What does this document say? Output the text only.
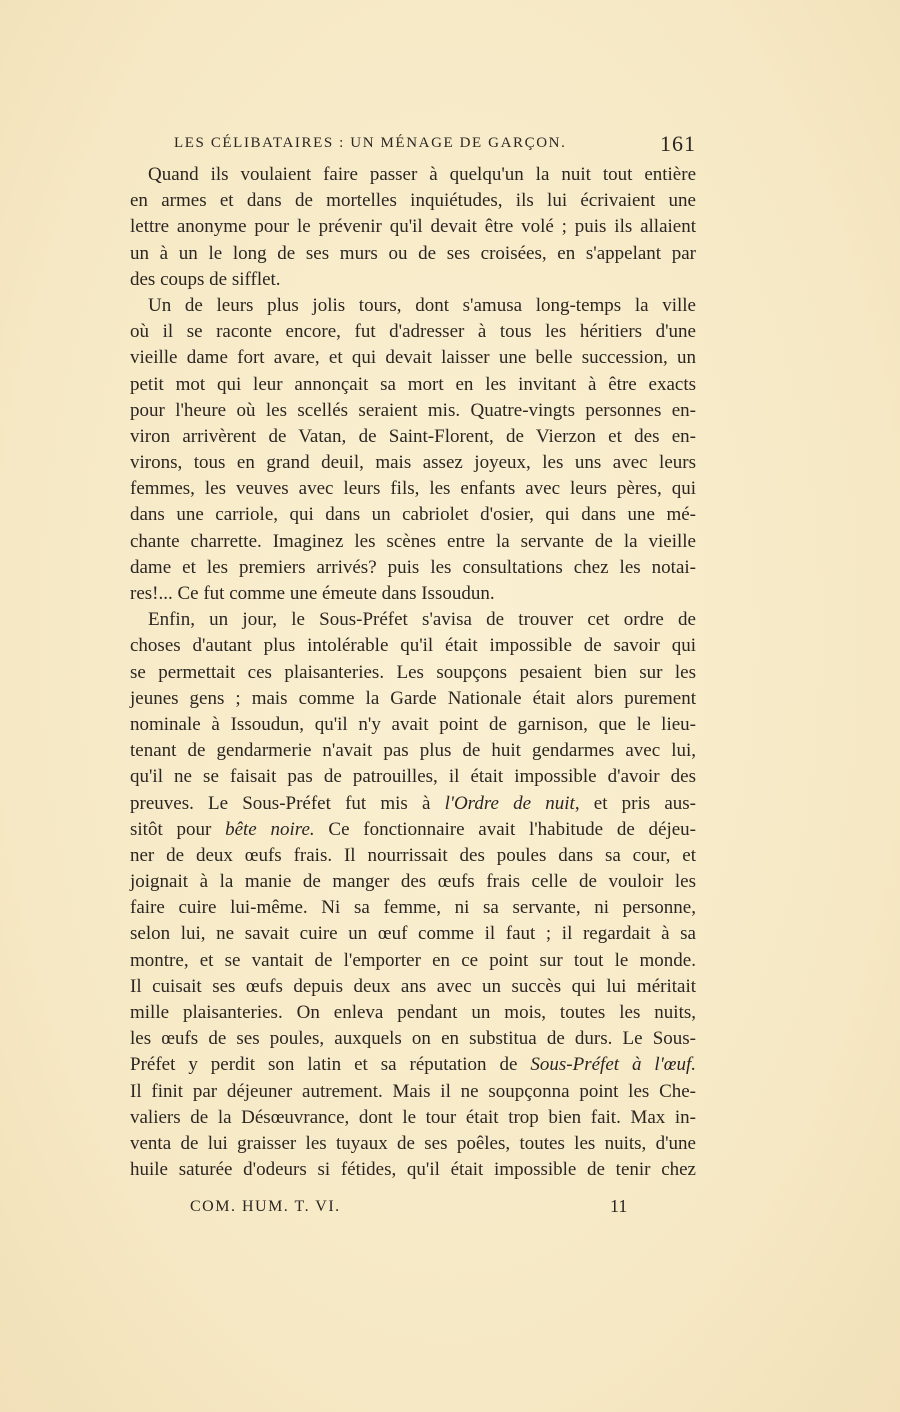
LES CÉLIBATAIRES : UN MÉNAGE DE GARÇON.	161
Quand ils voulaient faire passer à quelqu'un la nuit tout entière
en armes et dans de mortelles inquiétudes, ils lui écrivaient une
lettre anonyme pour le prévenir qu'il devait être volé ; puis ils allaient
un à un le long de ses murs ou de ses croisées, en s'appelant par
des coups de sifflet.
Un de leurs plus jolis tours, dont s'amusa long-temps la ville
où il se raconte encore, fut d'adresser à tous les héritiers d'une
vieille dame fort avare, et qui devait laisser une belle succession, un
petit mot qui leur annonçait sa mort en les invitant à être exacts
pour l'heure où les scellés seraient mis. Quatre-vingts personnes en-
viron arrivèrent de Vatan, de Saint-Florent, de Vierzon et des en-
virons, tous en grand deuil, mais assez joyeux, les uns avec leurs
femmes, les veuves avec leurs fils, les enfants avec leurs pères, qui
dans une carriole, qui dans un cabriolet d'osier, qui dans une mé-
chante charrette. Imaginez les scènes entre la servante de la vieille
dame et les premiers arrivés? puis les consultations chez les notai-
res!... Ce fut comme une émeute dans Issoudun.
Enfin, un jour, le Sous-Préfet s'avisa de trouver cet ordre de
choses d'autant plus intolérable qu'il était impossible de savoir qui
se permettait ces plaisanteries. Les soupçons pesaient bien sur les
jeunes gens ; mais comme la Garde Nationale était alors purement
nominale à Issoudun, qu'il n'y avait point de garnison, que le lieu-
tenant de gendarmerie n'avait pas plus de huit gendarmes avec lui,
qu'il ne se faisait pas de patrouilles, il était impossible d'avoir des
preuves. Le Sous-Préfet fut mis à l'Ordre de nuit, et pris aus-
sitôt pour bête noire. Ce fonctionnaire avait l'habitude de déjeu-
ner de deux œufs frais. Il nourrissait des poules dans sa cour, et
joignait à la manie de manger des œufs frais celle de vouloir les
faire cuire lui-même. Ni sa femme, ni sa servante, ni personne,
selon lui, ne savait cuire un œuf comme il faut ; il regardait à sa
montre, et se vantait de l'emporter en ce point sur tout le monde.
Il cuisait ses œufs depuis deux ans avec un succès qui lui méritait
mille plaisanteries. On enleva pendant un mois, toutes les nuits,
les œufs de ses poules, auxquels on en substitua de durs. Le Sous-
Préfet y perdit son latin et sa réputation de Sous-Préfet à l'œuf.
Il finit par déjeuner autrement. Mais il ne soupçonna point les Che-
valiers de la Désœuvrance, dont le tour était trop bien fait. Max in-
venta de lui graisser les tuyaux de ses poêles, toutes les nuits, d'une
huile saturée d'odeurs si fétides, qu'il était impossible de tenir chez
COM. HUM. T. VI.	11
